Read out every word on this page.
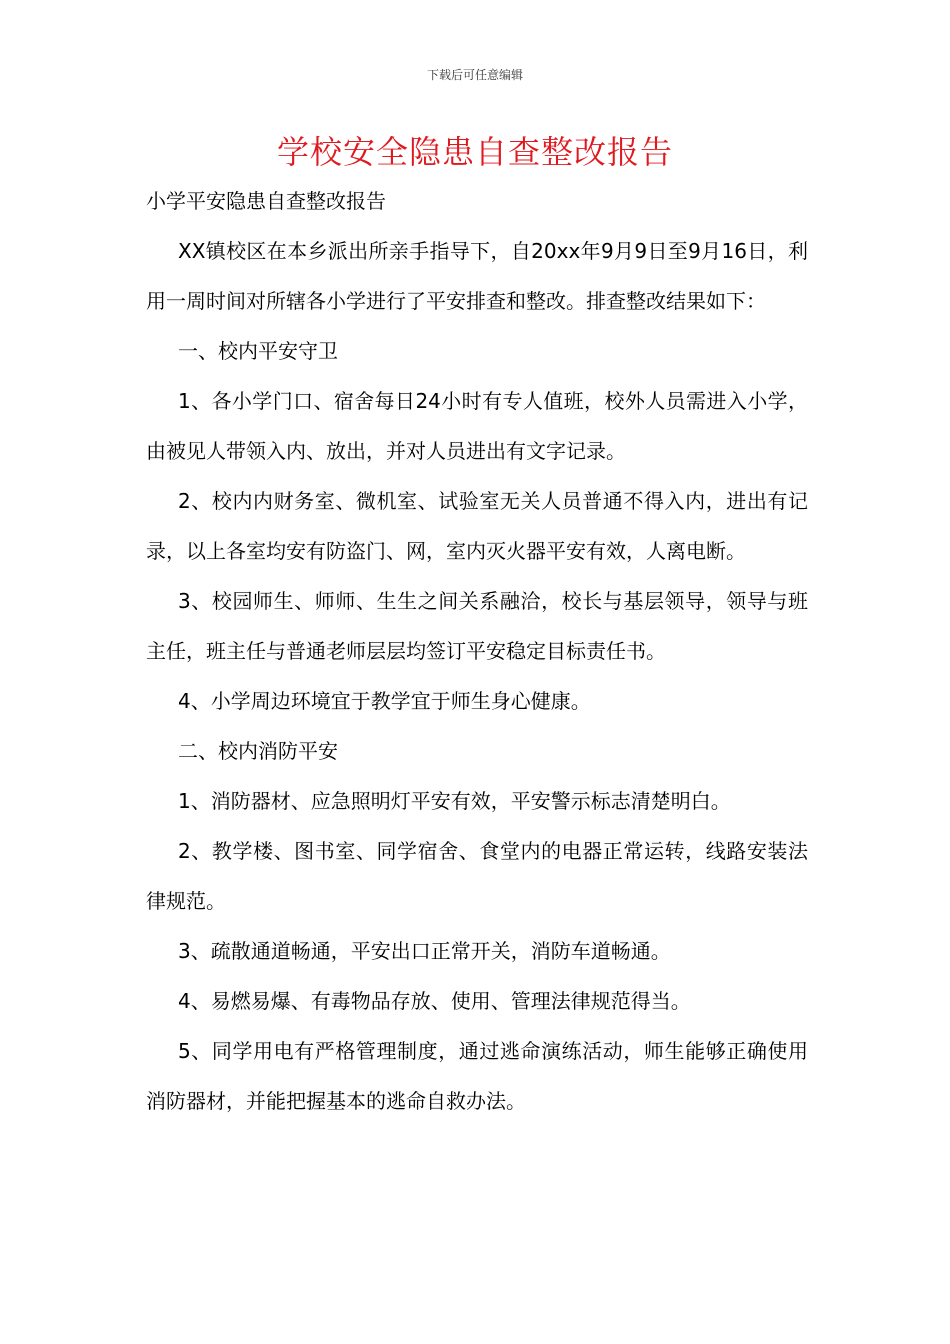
下载后可任意编辑
学校安全隐患自查整改报告

小学平安隐患自查整改报告

XX镇校区在本乡派出所亲手指导下，自20xx年9月9日至9月16日，利用一周时间对所辖各小学进行了平安排查和整改。排查整改结果如下：

一、校内平安守卫

1、各小学门口、宿舍每日24小时有专人值班，校外人员需进入小学，由被见人带领入内、放出，并对人员进出有文字记录。

2、校内内财务室、微机室、试验室无关人员普通不得入内，进出有记录，以上各室均安有防盗门、网，室内灭火器平安有效，人离电断。

3、校园师生、师师、生生之间关系融洽，校长与基层领导，领导与班主任，班主任与普通老师层层均签订平安稳定目标责任书。

4、小学周边环境宜于教学宜于师生身心健康。

二、校内消防平安

1、消防器材、应急照明灯平安有效，平安警示标志清楚明白。

2、教学楼、图书室、同学宿舍、食堂内的电器正常运转，线路安装法律规范。

3、疏散通道畅通，平安出口正常开关，消防车道畅通。

4、易燃易爆、有毒物品存放、使用、管理法律规范得当。

5、同学用电有严格管理制度，通过逃命演练活动，师生能够正确使用消防器材，并能把握基本的逃命自救办法。
